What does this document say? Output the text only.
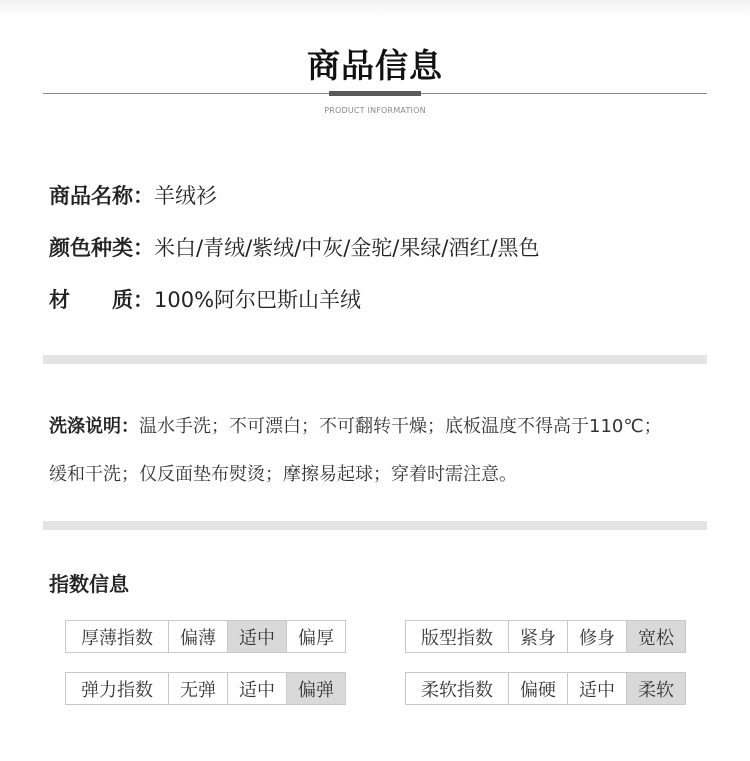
商品信息
PRODUCT INFORMATION
商品名称：羊绒衫
颜色种类：米白/青绒/紫绒/中灰/金驼/果绿/酒红/黑色
材　　质：100%阿尔巴斯山羊绒
洗涤说明：温水手洗；不可漂白；不可翻转干燥；底板温度不得高于110℃；
缓和干洗；仅反面垫布熨烫；摩擦易起球；穿着时需注意。
指数信息
厚薄指数	偏薄	适中	偏厚	版型指数	紧身	修身	宽松
弹力指数	无弹	适中	偏弹	柔软指数	偏硬	适中	柔软
